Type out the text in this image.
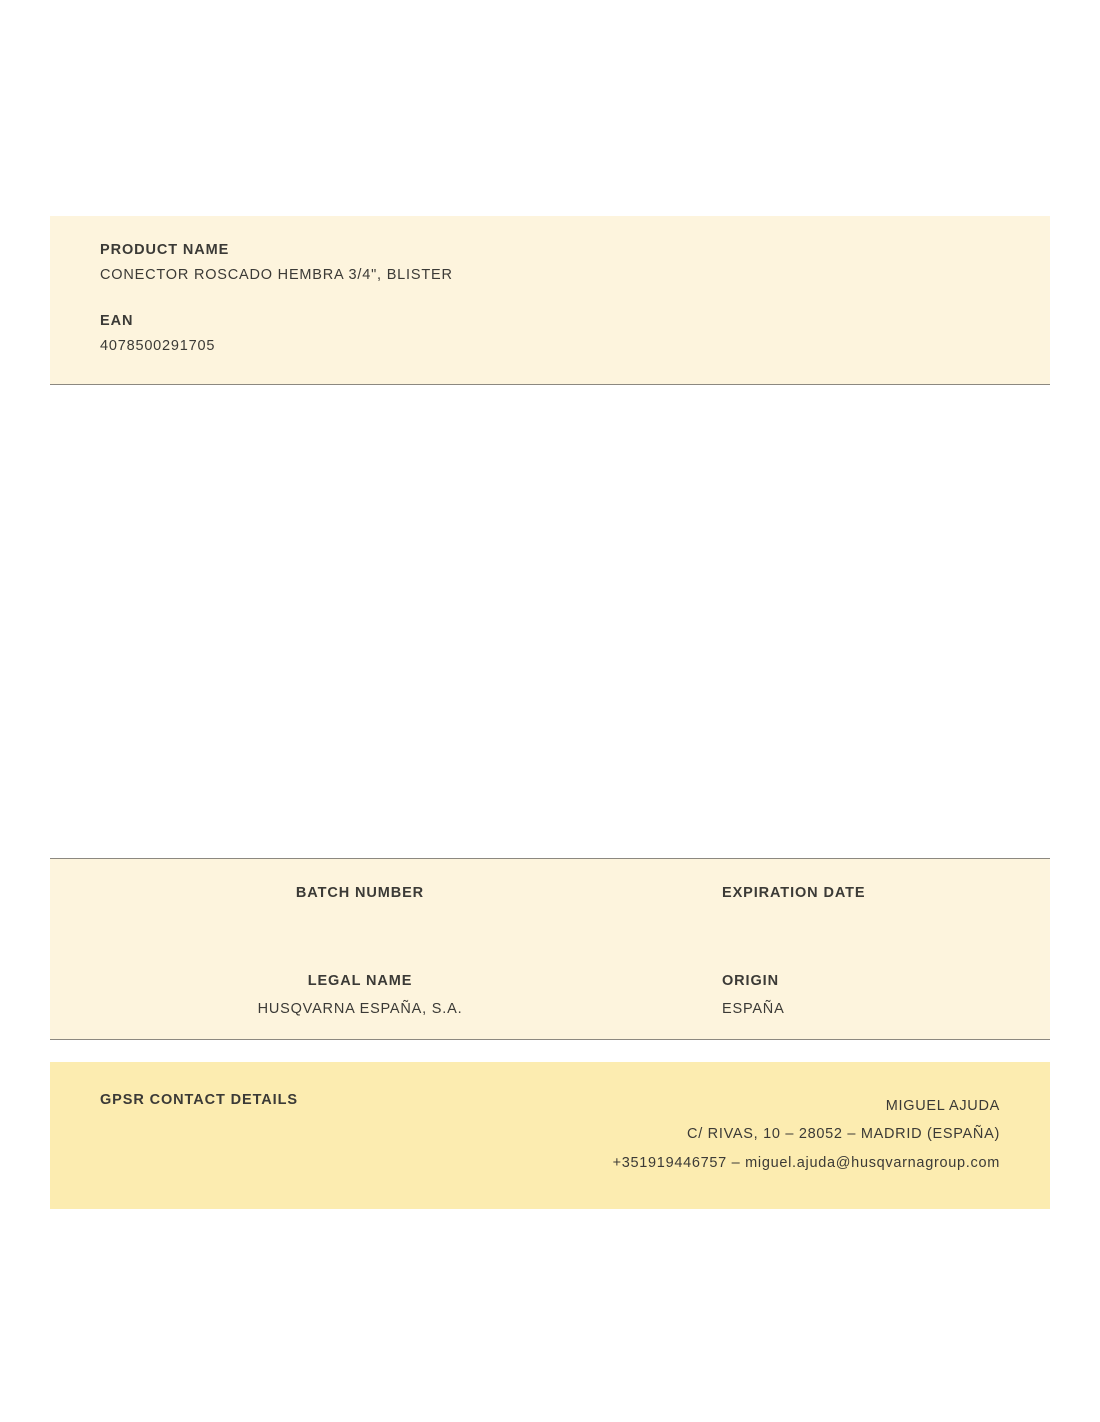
PRODUCT NAME

CONECTOR ROSCADO HEMBRA 3/4", BLISTER

EAN

4078500291705

BATCH NUMBER	EXPIRATION DATE

LEGAL NAME

HUSQVARNA ESPAÑA, S.A.

ORIGIN

ESPAÑA

GPSR CONTACT DETAILS	MIGUEL AJUDA
C/ RIVAS, 10 – 28052 – MADRID (ESPAÑA)
+351919446757 – miguel.ajuda@husqvarnagroup.com
